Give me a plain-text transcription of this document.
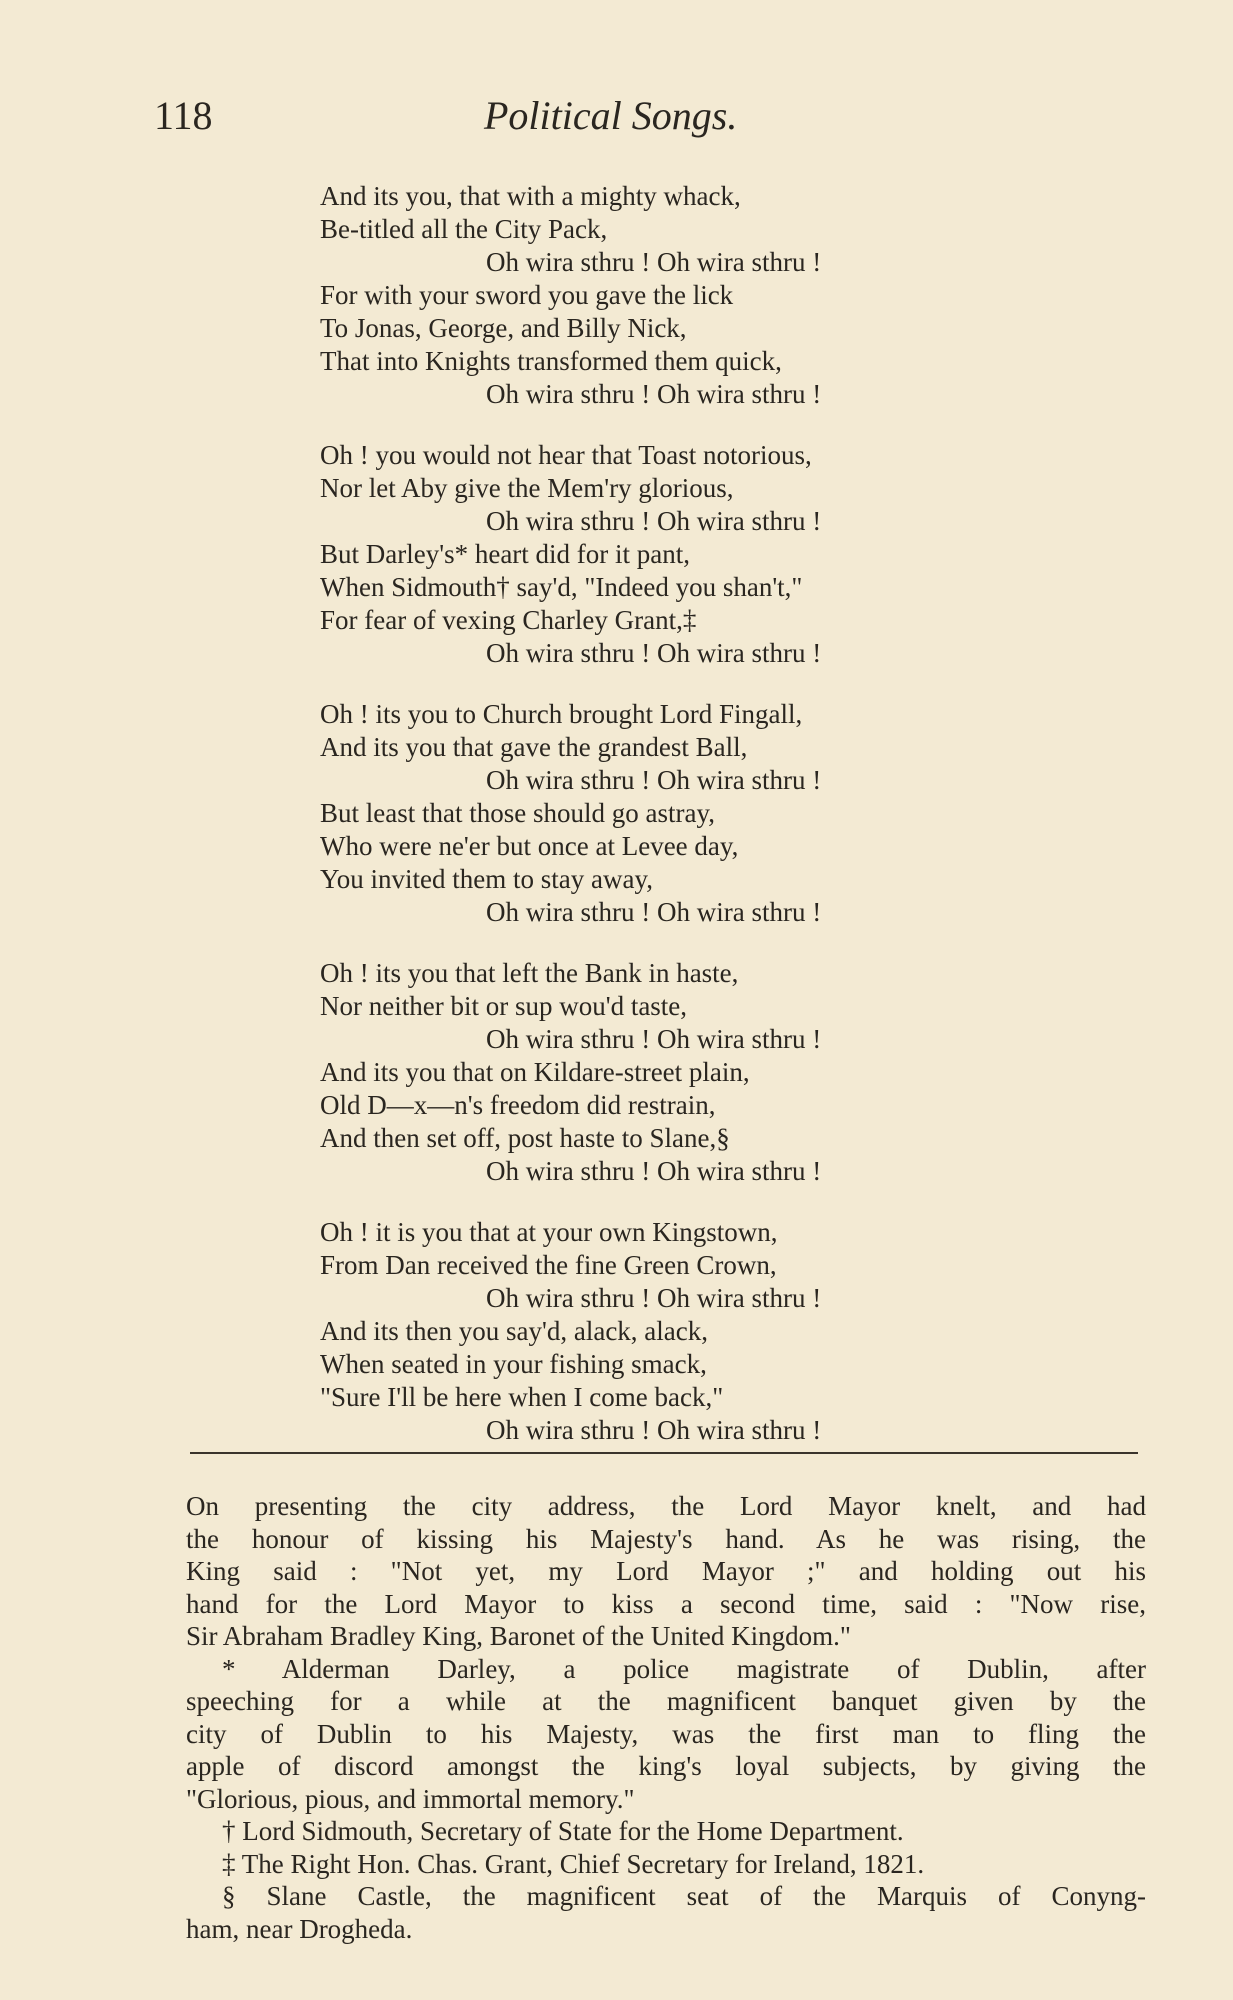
118	Political Songs.
And its you, that with a mighty whack,
Be-titled all the City Pack,
Oh wira sthru ! Oh wira sthru !
For with your sword you gave the lick
To Jonas, George, and Billy Nick,
That into Knights transformed them quick,
Oh wira sthru ! Oh wira sthru !
Oh ! you would not hear that Toast notorious,
Nor let Aby give the Mem'ry glorious,
Oh wira sthru ! Oh wira sthru !
But Darley's* heart did for it pant,
When Sidmouth† say'd, "Indeed you shan't,"
For fear of vexing Charley Grant,‡
Oh wira sthru ! Oh wira sthru !
Oh ! its you to Church brought Lord Fingall,
And its you that gave the grandest Ball,
Oh wira sthru ! Oh wira sthru !
But least that those should go astray,
Who were ne'er but once at Levee day,
You invited them to stay away,
Oh wira sthru ! Oh wira sthru !
Oh ! its you that left the Bank in haste,
Nor neither bit or sup wou'd taste,
Oh wira sthru ! Oh wira sthru !
And its you that on Kildare-street plain,
Old D—x—n's freedom did restrain,
And then set off, post haste to Slane,§
Oh wira sthru ! Oh wira sthru !
Oh ! it is you that at your own Kingstown,
From Dan received the fine Green Crown,
Oh wira sthru ! Oh wira sthru !
And its then you say'd, alack, alack,
When seated in your fishing smack,
"Sure I'll be here when I come back,"
Oh wira sthru ! Oh wira sthru !
On presenting the city address, the Lord Mayor knelt, and had
the honour of kissing his Majesty's hand. As he was rising, the
King said : "Not yet, my Lord Mayor ;" and holding out his
hand for the Lord Mayor to kiss a second time, said : "Now rise,
Sir Abraham Bradley King, Baronet of the United Kingdom."
* Alderman Darley, a police magistrate of Dublin, after
speeching for a while at the magnificent banquet given by the
city of Dublin to his Majesty, was the first man to fling the
apple of discord amongst the king's loyal subjects, by giving the
"Glorious, pious, and immortal memory."
† Lord Sidmouth, Secretary of State for the Home Department.
‡ The Right Hon. Chas. Grant, Chief Secretary for Ireland, 1821.
§ Slane Castle, the magnificent seat of the Marquis of Conyng-
ham, near Drogheda.
